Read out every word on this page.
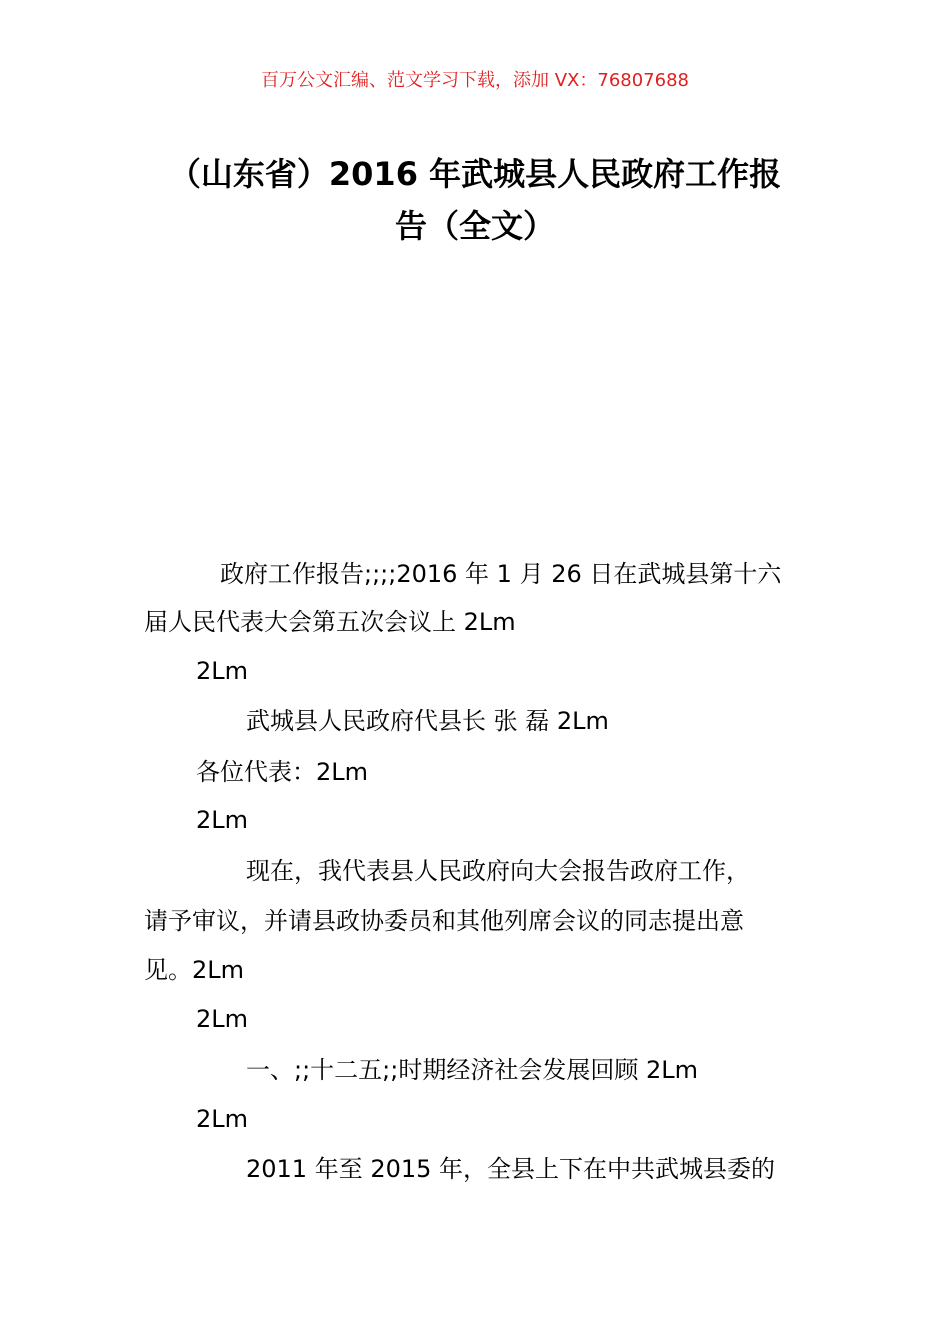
百万公文汇编、范文学习下载，添加 VX：76807688
（山东省）2016 年武城县人民政府工作报
告（全文）
政府工作报告;;;;2016 年 1 月 26 日在武城县第十六
届人民代表大会第五次会议上 2Lm
2Lm
武城县人民政府代县长 张 磊 2Lm
各位代表：2Lm
2Lm
现在，我代表县人民政府向大会报告政府工作，
请予审议，并请县政协委员和其他列席会议的同志提出意
见。2Lm
2Lm
一、;;十二五;;时期经济社会发展回顾 2Lm
2Lm
2011 年至 2015 年，全县上下在中共武城县委的
